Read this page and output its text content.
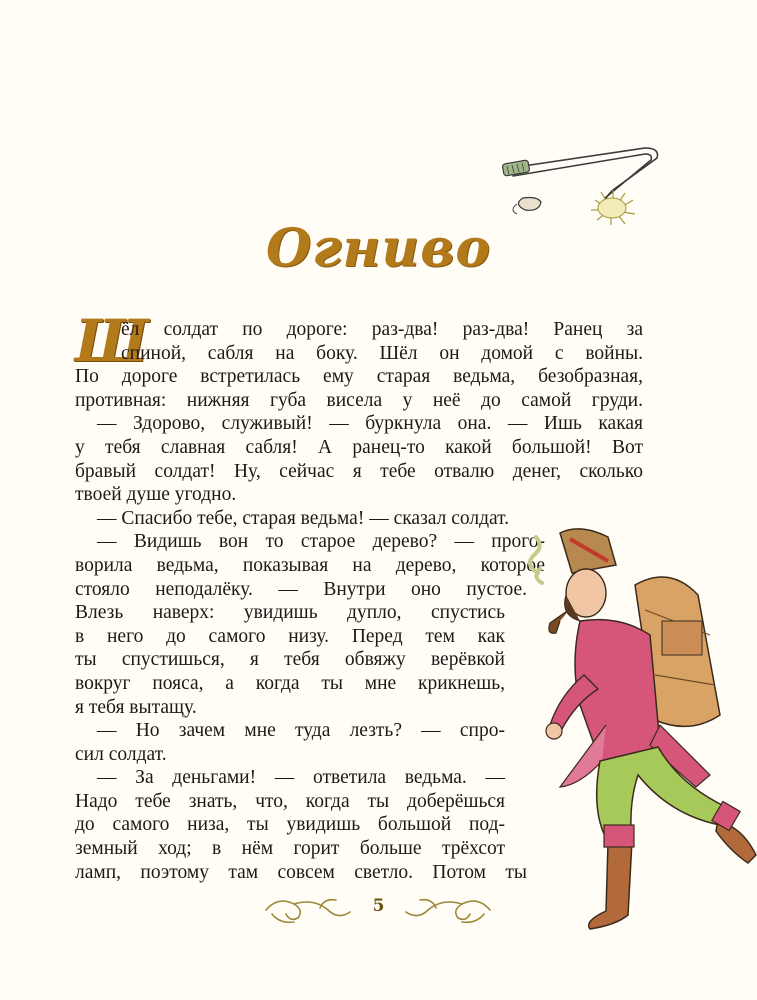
Огниво
Ш
ёл солдат по дороге: раз-два! раз-два! Ранец за
спиной, сабля на боку. Шёл он домой с войны.
По дороге встретилась ему старая ведьма, безобразная,
противная: нижняя губа висела у неё до самой груди.
— Здорово, служивый! — буркнула она. — Ишь какая
у тебя славная сабля! А ранец-то какой большой! Вот
бравый солдат! Ну, сейчас я тебе отвалю денег, сколько
твоей душе угодно.
— Спасибо тебе, старая ведьма! — сказал солдат.
— Видишь вон то старое дерево? — прого-
ворила ведьма, показывая на дерево, которое
стояло неподалёку. — Внутри оно пустое.
Влезь наверх: увидишь дупло, спустись
в него до самого низу. Перед тем как
ты спустишься, я тебя обвяжу верёвкой
вокруг пояса, а когда ты мне крикнешь,
я тебя вытащу.
— Но зачем мне туда лезть? — спро-
сил солдат.
— За деньгами! — ответила ведьма. —
Надо тебе знать, что, когда ты доберёшься
до самого низа, ты увидишь большой под-
земный ход; в нём горит больше трёхсот
ламп, поэтому там совсем светло. Потом ты
5
